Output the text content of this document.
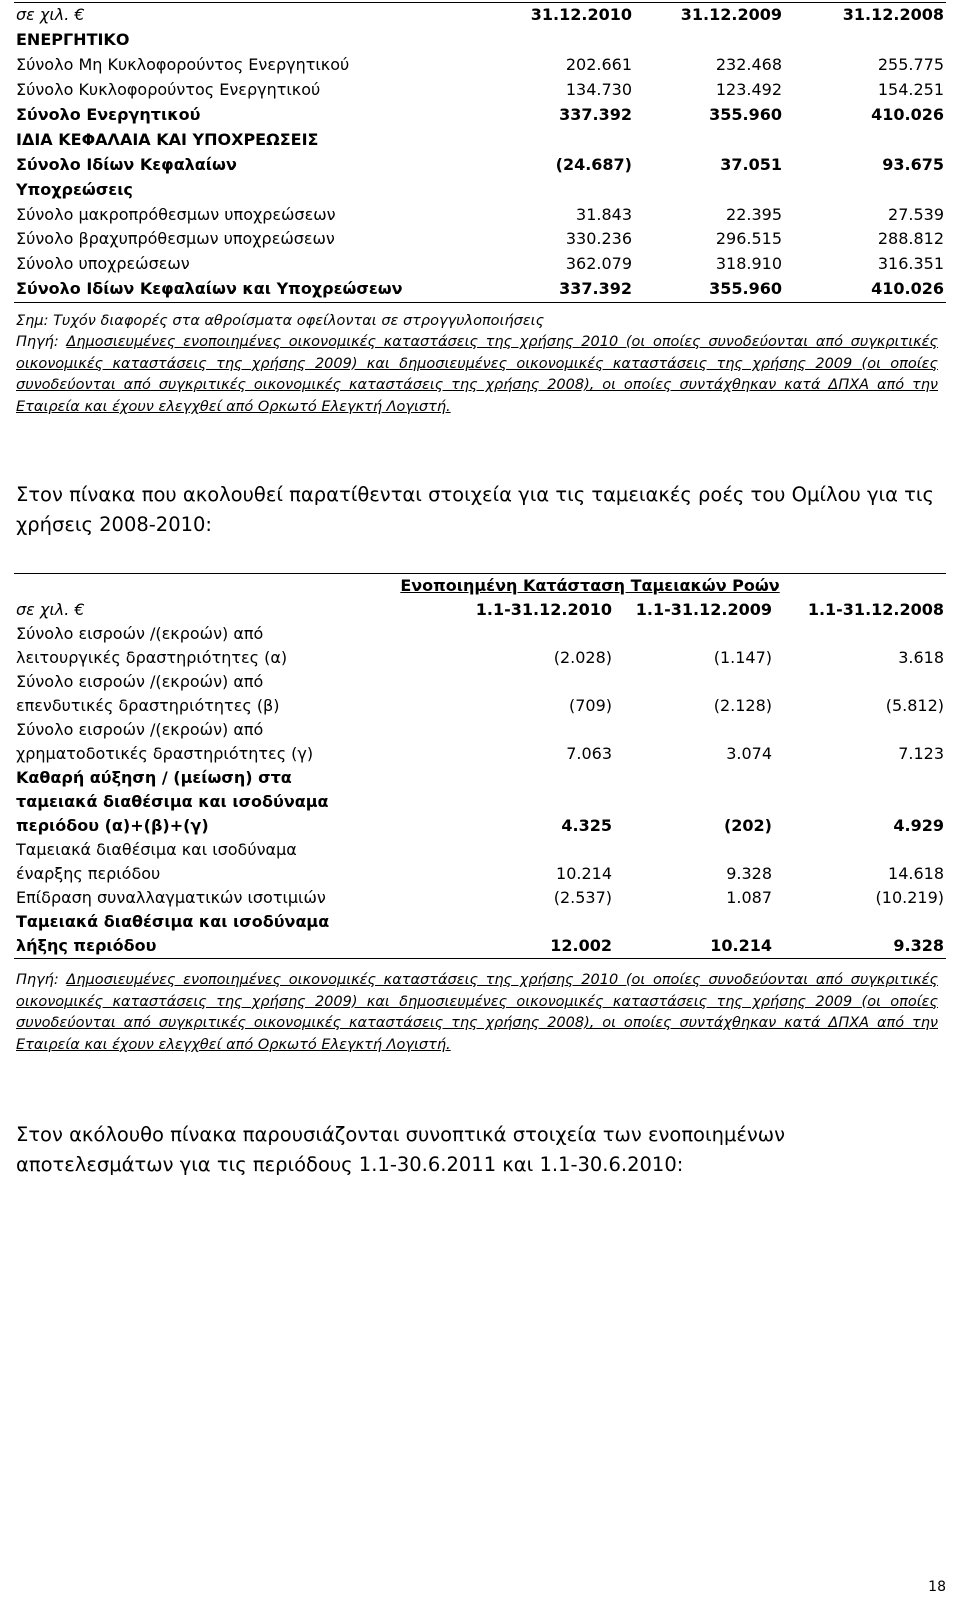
σε χιλ. €	31.12.2010	31.12.2009	31.12.2008
ΕΝΕΡΓΗΤΙΚΟ			
Σύνολο Μη Κυκλοφορούντος Ενεργητικού	202.661	232.468	255.775
Σύνολο Κυκλοφορούντος Ενεργητικού	134.730	123.492	154.251
Σύνολο Ενεργητικού	337.392	355.960	410.026
ΙΔΙΑ ΚΕΦΑΛΑΙΑ ΚΑΙ ΥΠΟΧΡΕΩΣΕΙΣ			
Σύνολο Ιδίων Κεφαλαίων	(24.687)	37.051	93.675
Υποχρεώσεις			
Σύνολο μακροπρόθεσμων υποχρεώσεων	31.843	22.395	27.539
Σύνολο βραχυπρόθεσμων υποχρεώσεων	330.236	296.515	288.812
Σύνολο υποχρεώσεων	362.079	318.910	316.351
Σύνολο Ιδίων Κεφαλαίων και Υποχρεώσεων	337.392	355.960	410.026
Σημ: Τυχόν διαφορές στα αθροίσματα οφείλονται σε στρογγυλοποιήσεις
Πηγή: Δημοσιευμένες ενοποιημένες οικονομικές καταστάσεις της χρήσης 2010 (οι οποίες συνοδεύονται από συγκριτικές οικονομικές καταστάσεις της χρήσης 2009) και δημοσιευμένες οικονομικές καταστάσεις της χρήσης 2009 (οι οποίες συνοδεύονται από συγκριτικές οικονομικές καταστάσεις της χρήσης 2008), οι οποίες συντάχθηκαν κατά ΔΠΧΑ από την Εταιρεία και έχουν ελεγχθεί από Ορκωτό Ελεγκτή Λογιστή.
Στον πίνακα που ακολουθεί παρατίθενται στοιχεία για τις ταμειακές ροές του Ομίλου για τις χρήσεις 2008-2010:
Ενοποιημένη Κατάσταση Ταμειακών Ροών			
σε χιλ. €	1.1-31.12.2010	1.1-31.12.2009	1.1-31.12.2008

Σύνολο εισροών /(εκροών) από
λειτουργικές δραστηριότητες (α)	(2.028)	(1.147)	3.618

Σύνολο εισροών /(εκροών) από
επενδυτικές δραστηριότητες (β)	(709)	(2.128)	(5.812)

Σύνολο εισροών /(εκροών) από
χρηματοδοτικές δραστηριότητες (γ)	7.063	3.074	7.123

Καθαρή αύξηση / (μείωση) στα
ταμειακά διαθέσιμα και ισοδύναμα
περιόδου (α)+(β)+(γ)	4.325	(202)	4.929

Ταμειακά διαθέσιμα και ισοδύναμα
έναρξης περιόδου	10.214	9.328	14.618
Επίδραση συναλλαγματικών ισοτιμιών	(2.537)	1.087	(10.219)

Ταμειακά διαθέσιμα και ισοδύναμα
λήξης περιόδου	12.002	10.214	9.328
Πηγή: Δημοσιευμένες ενοποιημένες οικονομικές καταστάσεις της χρήσης 2010 (οι οποίες συνοδεύονται από συγκριτικές οικονομικές καταστάσεις της χρήσης 2009) και δημοσιευμένες οικονομικές καταστάσεις της χρήσης 2009 (οι οποίες συνοδεύονται από συγκριτικές οικονομικές καταστάσεις της χρήσης 2008), οι οποίες συντάχθηκαν κατά ΔΠΧΑ από την Εταιρεία και έχουν ελεγχθεί από Ορκωτό Ελεγκτή Λογιστή.
Στον ακόλουθο πίνακα παρουσιάζονται συνοπτικά στοιχεία των ενοποιημένων αποτελεσμάτων για τις περιόδους 1.1-30.6.2011 και 1.1-30.6.2010:
18
